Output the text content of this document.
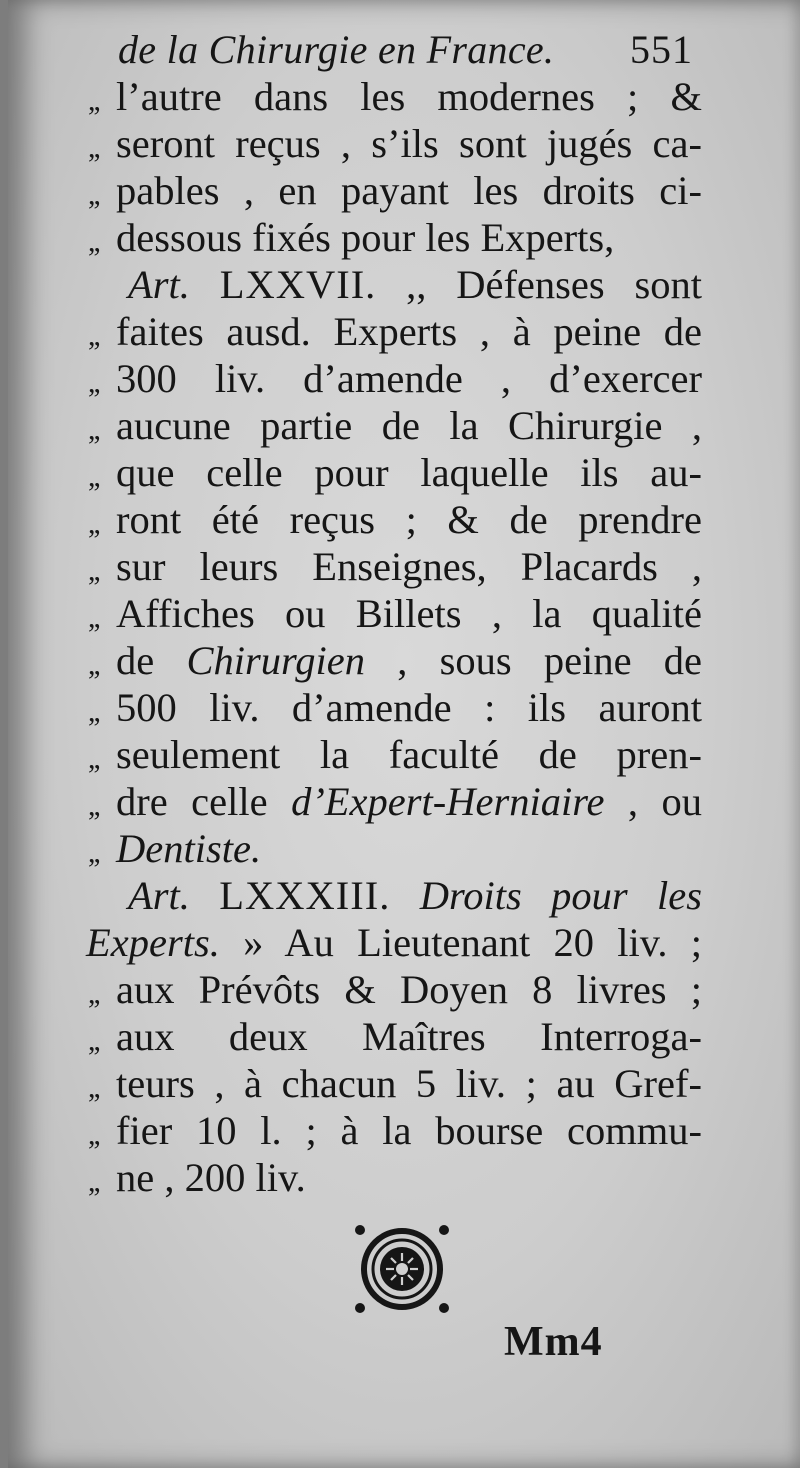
de la Chirurgie en France. 551
,, l’autre dans les modernes ; &
,, seront reçus , s’ils sont jugés ca-
,, pables , en payant les droits ci-
,, dessous fixés pour les Experts,
Art. LXXVII. ,, Défenses sont
,, faites ausd. Experts , à peine de
,, 300 liv. d’amende , d’exercer
,, aucune partie de la Chirurgie ,
,, que celle pour laquelle ils au-
,, ront été reçus ; & de prendre
,, sur leurs Enseignes, Placards ,
,, Affiches ou Billets , la qualité
,, de Chirurgien , sous peine de
,, 500 liv. d’amende : ils auront
,, seulement la faculté de pren-
,, dre celle d’Expert-Herniaire , ou
,, Dentiste.
Art. LXXXIII. Droits pour les
Experts. » Au Lieutenant 20 liv. ;
,, aux Prévôts & Doyen 8 livres ;
,, aux deux Maîtres Interroga-
,, teurs , à chacun 5 liv. ; au Gref-
,, fier 10 l. ; à la bourse commu-
,, ne , 200 liv.
Mm4
